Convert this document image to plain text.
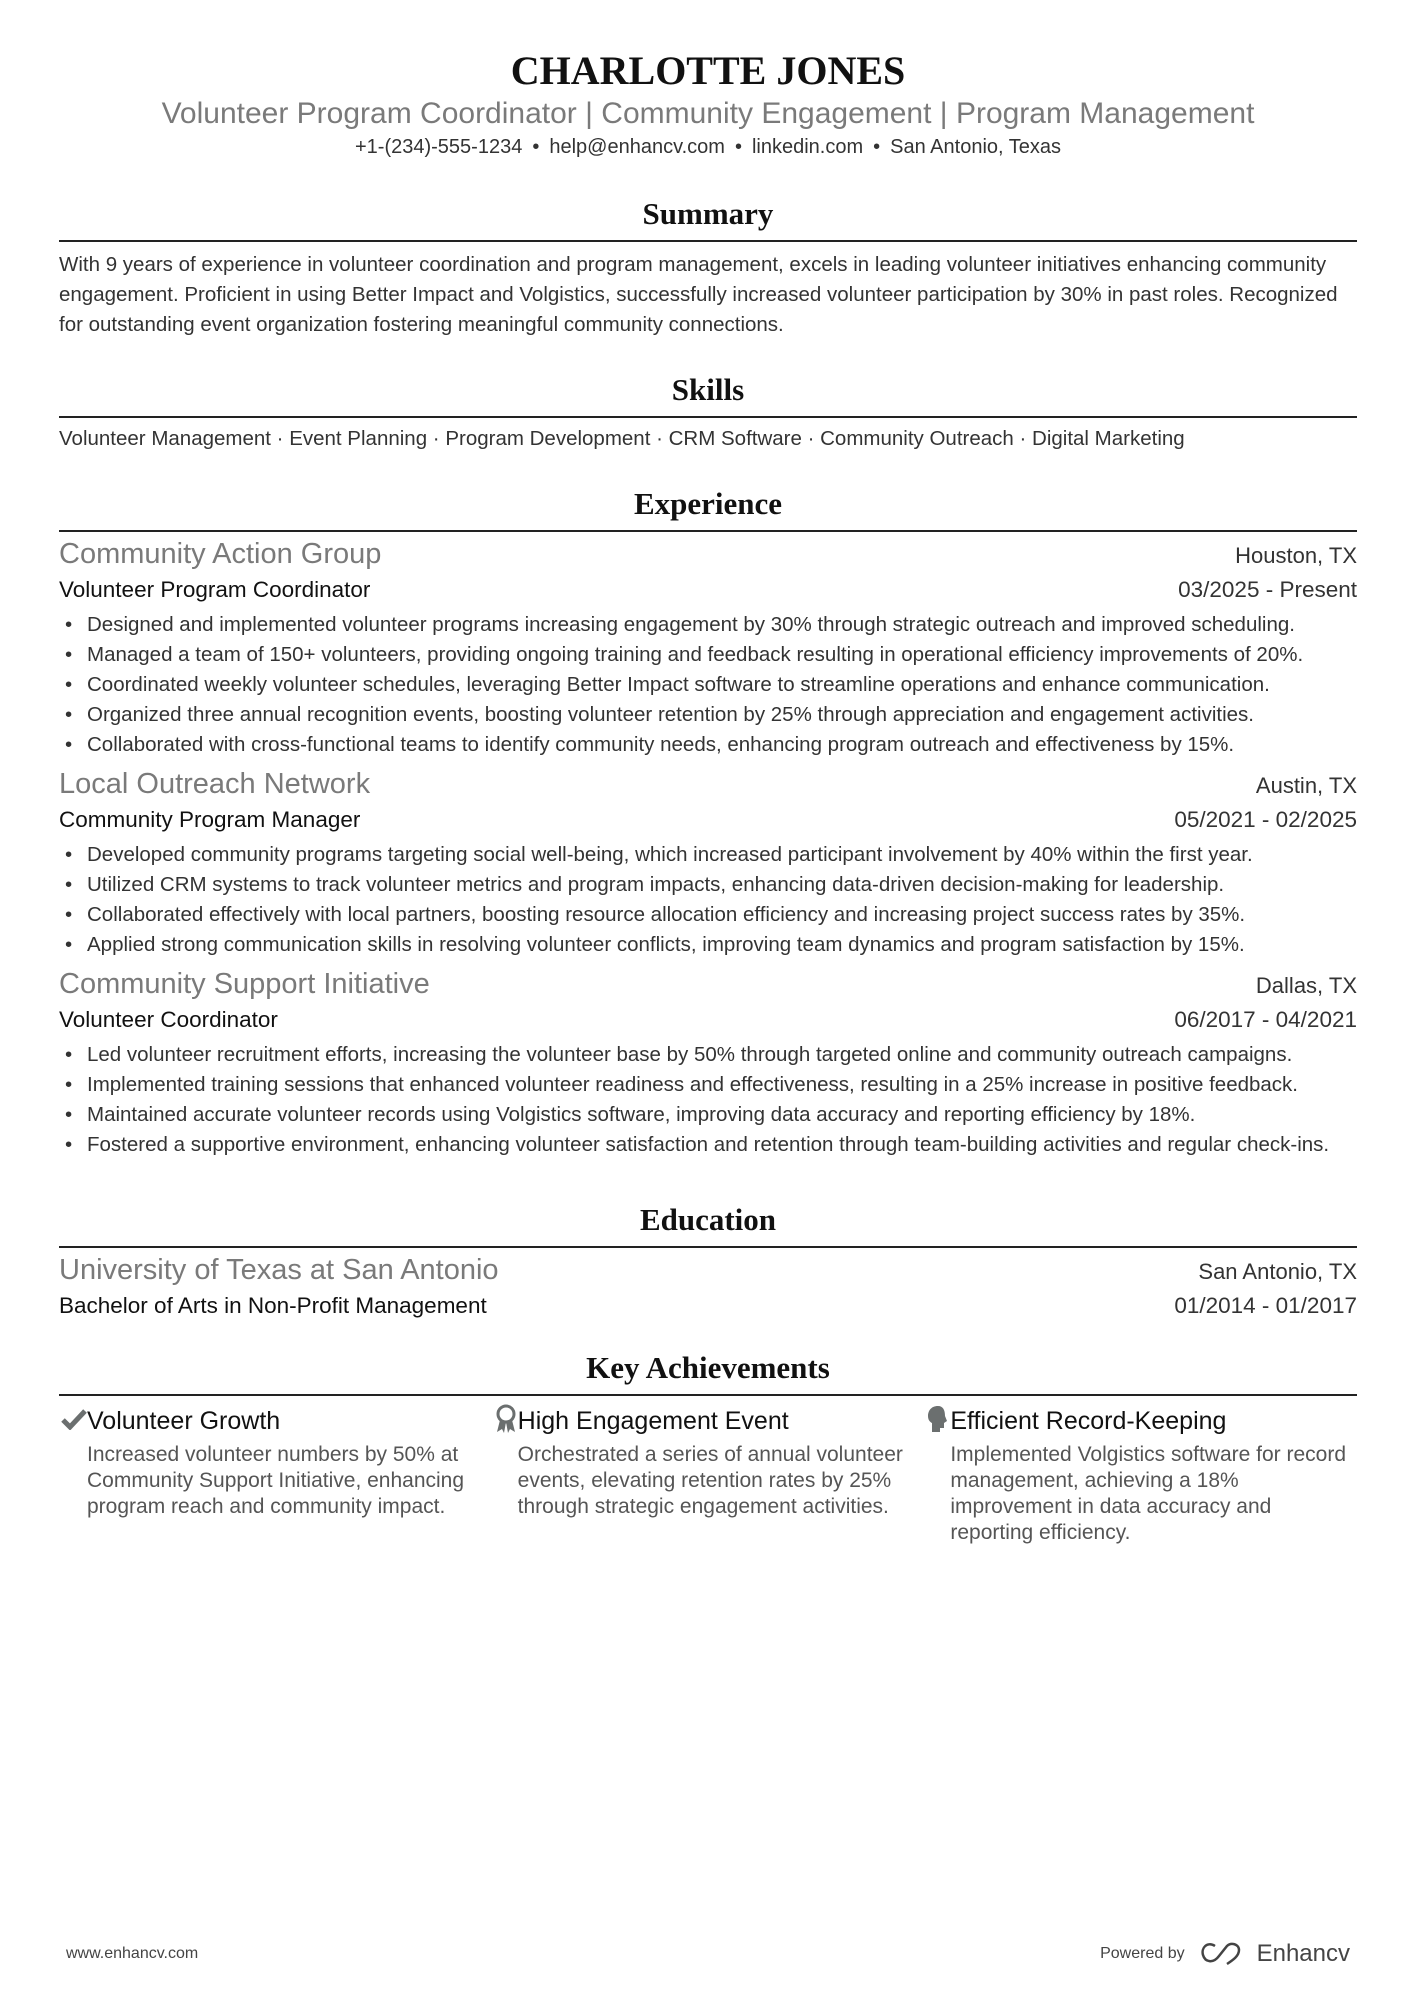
CHARLOTTE JONES
Volunteer Program Coordinator | Community Engagement | Program Management
+1-(234)-555-1234 • help@enhancv.com • linkedin.com • San Antonio, Texas
Summary
With 9 years of experience in volunteer coordination and program management, excels in leading volunteer initiatives enhancing community engagement. Proficient in using Better Impact and Volgistics, successfully increased volunteer participation by 30% in past roles. Recognized for outstanding event organization fostering meaningful community connections.
Skills
Volunteer Management · Event Planning · Program Development · CRM Software · Community Outreach · Digital Marketing
Experience
Community Action Group	Houston, TX
Volunteer Program Coordinator	03/2025 - Present
• Designed and implemented volunteer programs increasing engagement by 30% through strategic outreach and improved scheduling.
• Managed a team of 150+ volunteers, providing ongoing training and feedback resulting in operational efficiency improvements of 20%.
• Coordinated weekly volunteer schedules, leveraging Better Impact software to streamline operations and enhance communication.
• Organized three annual recognition events, boosting volunteer retention by 25% through appreciation and engagement activities.
• Collaborated with cross-functional teams to identify community needs, enhancing program outreach and effectiveness by 15%.
Local Outreach Network	Austin, TX
Community Program Manager	05/2021 - 02/2025
• Developed community programs targeting social well-being, which increased participant involvement by 40% within the first year.
• Utilized CRM systems to track volunteer metrics and program impacts, enhancing data-driven decision-making for leadership.
• Collaborated effectively with local partners, boosting resource allocation efficiency and increasing project success rates by 35%.
• Applied strong communication skills in resolving volunteer conflicts, improving team dynamics and program satisfaction by 15%.
Community Support Initiative	Dallas, TX
Volunteer Coordinator	06/2017 - 04/2021
• Led volunteer recruitment efforts, increasing the volunteer base by 50% through targeted online and community outreach campaigns.
• Implemented training sessions that enhanced volunteer readiness and effectiveness, resulting in a 25% increase in positive feedback.
• Maintained accurate volunteer records using Volgistics software, improving data accuracy and reporting efficiency by 18%.
• Fostered a supportive environment, enhancing volunteer satisfaction and retention through team-building activities and regular check-ins.
Education
University of Texas at San Antonio	San Antonio, TX
Bachelor of Arts in Non-Profit Management	01/2014 - 01/2017
Key Achievements
Volunteer Growth
Increased volunteer numbers by 50% at Community Support Initiative, enhancing program reach and community impact.
High Engagement Event
Orchestrated a series of annual volunteer events, elevating retention rates by 25% through strategic engagement activities.
Efficient Record-Keeping
Implemented Volgistics software for record management, achieving a 18% improvement in data accuracy and reporting efficiency.
www.enhancv.com	Powered by	Enhancv
